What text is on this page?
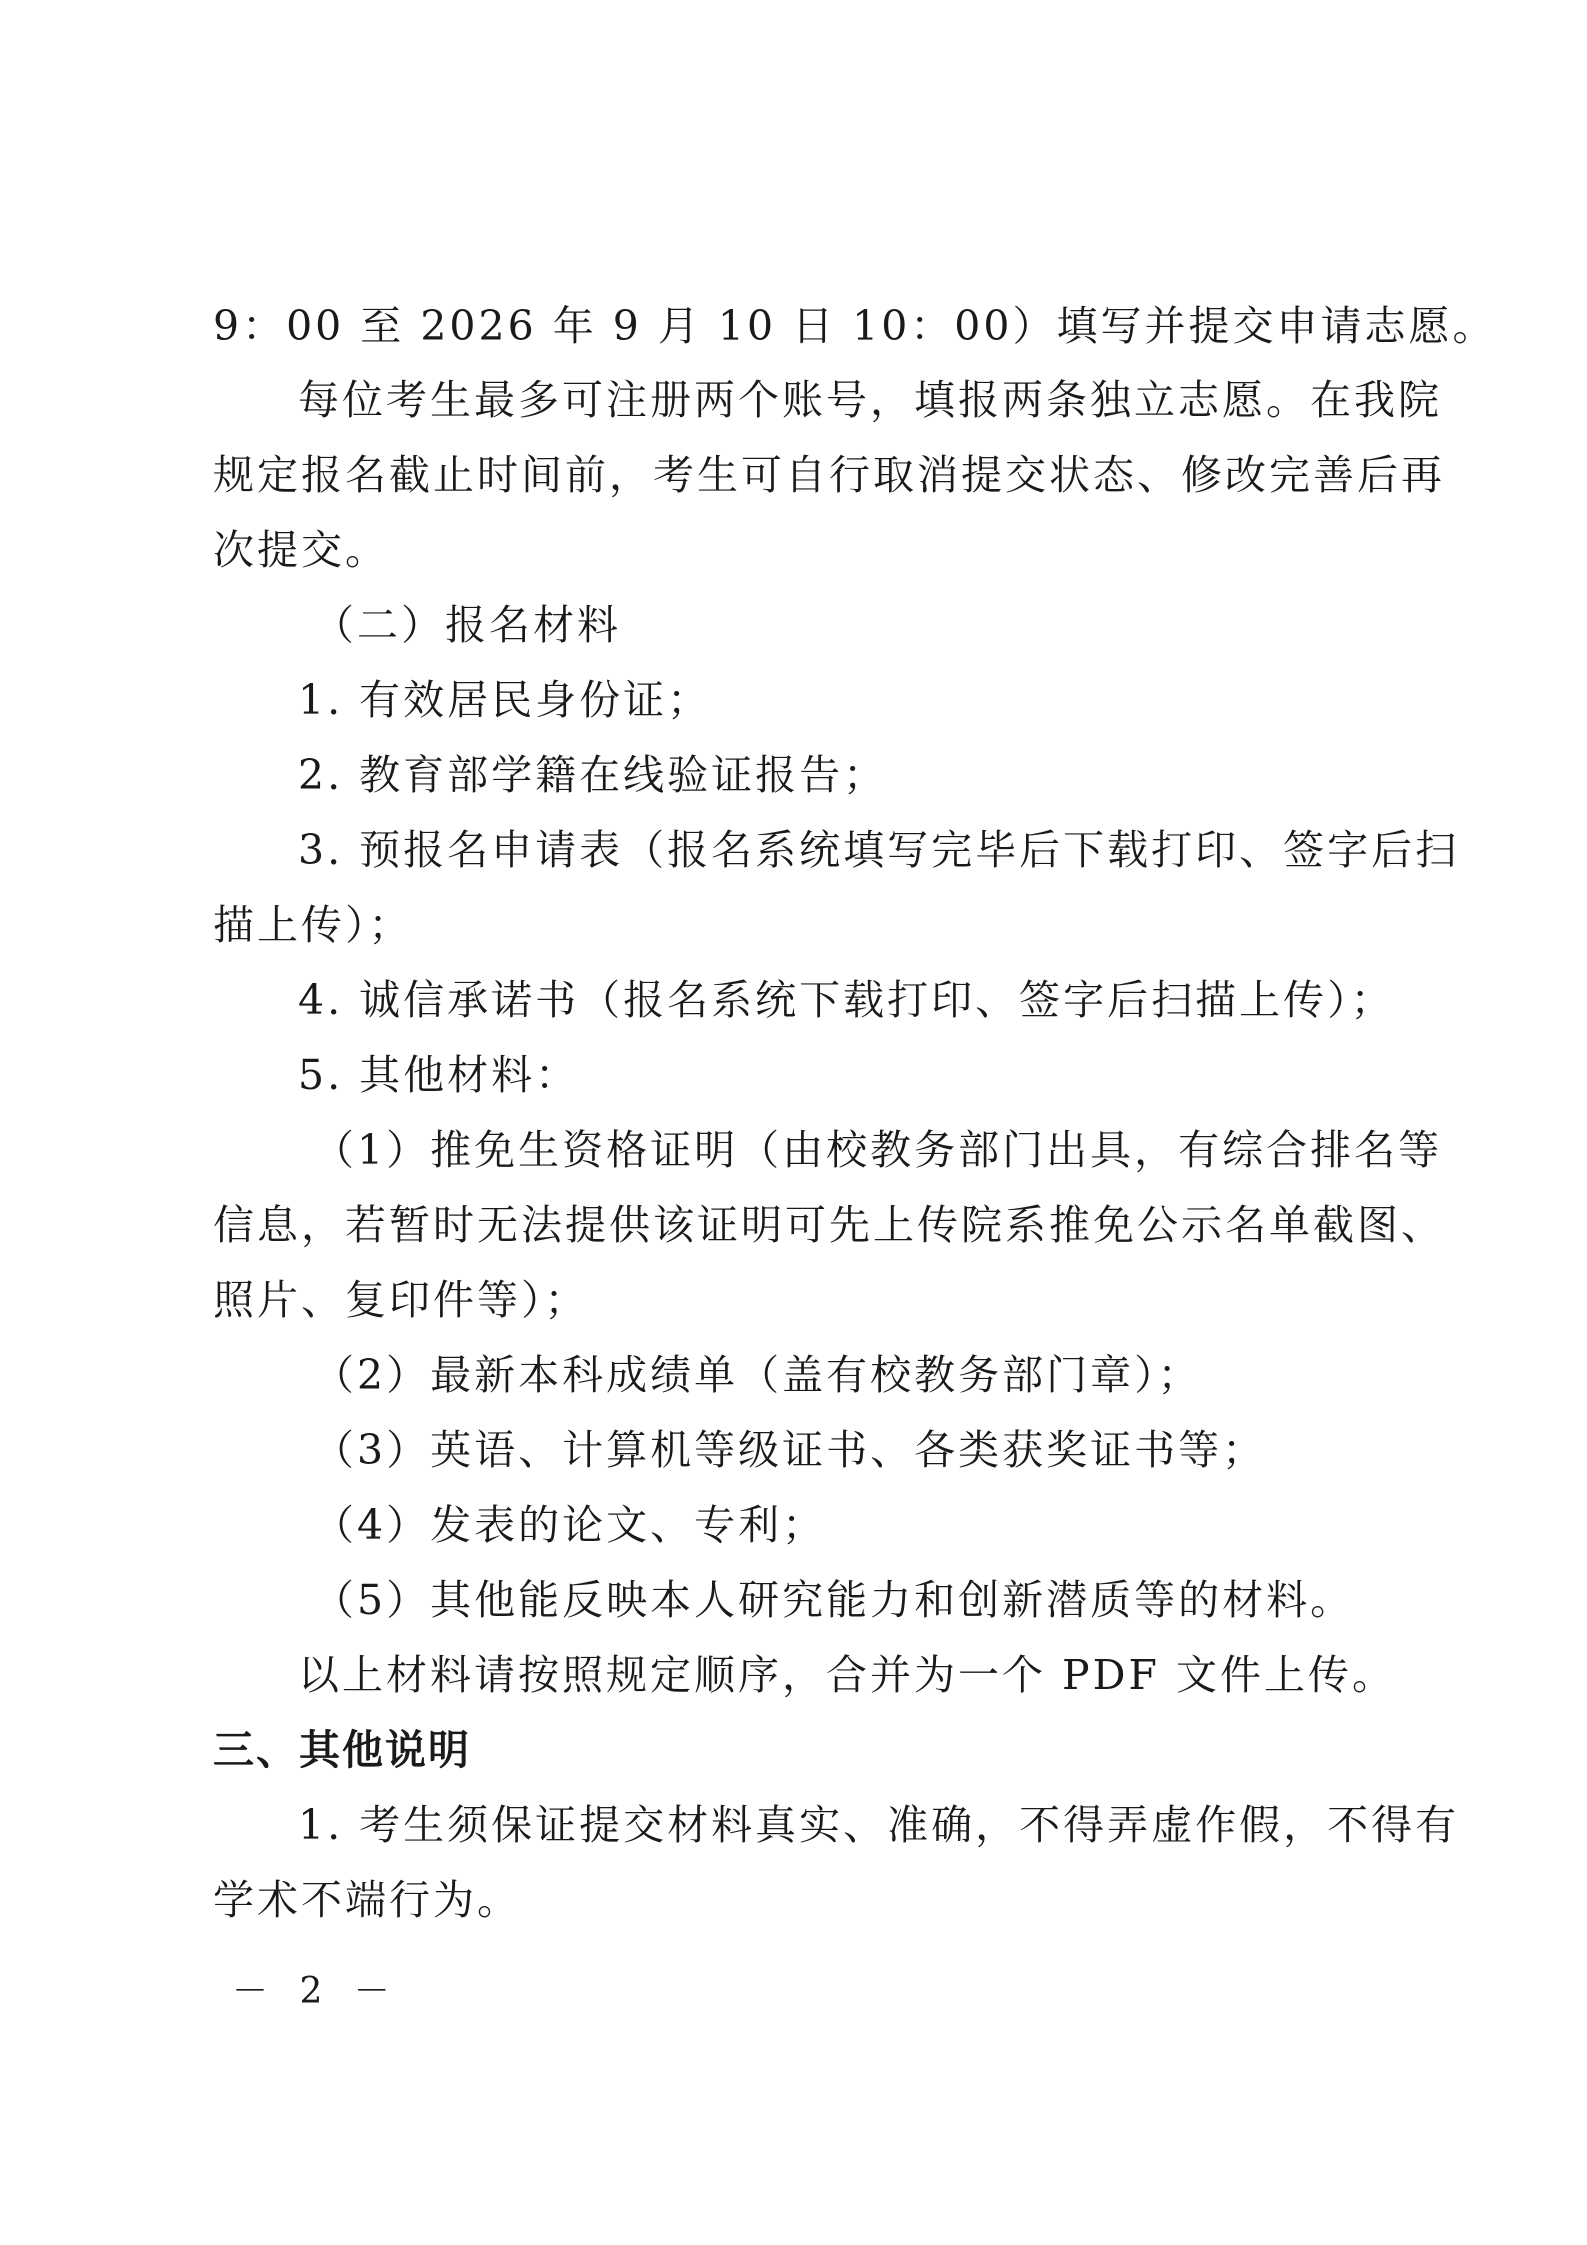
9：00 至 2026 年 9 月 10 日 10：00）填写并提交申请志愿。
每位考生最多可注册两个账号，填报两条独立志愿。在我院
规定报名截止时间前，考生可自行取消提交状态、修改完善后再
次提交。
（二）报名材料
1. 有效居民身份证；
2. 教育部学籍在线验证报告；
3. 预报名申请表（报名系统填写完毕后下载打印、签字后扫
描上传）；
4. 诚信承诺书（报名系统下载打印、签字后扫描上传）；
5. 其他材料：
（1）推免生资格证明（由校教务部门出具，有综合排名等
信息，若暂时无法提供该证明可先上传院系推免公示名单截图、
照片、复印件等）；
（2）最新本科成绩单（盖有校教务部门章）；
（3）英语、计算机等级证书、各类获奖证书等；
（4）发表的论文、专利；
（5）其他能反映本人研究能力和创新潜质等的材料。
以上材料请按照规定顺序，合并为一个 PDF 文件上传。
三、其他说明
1. 考生须保证提交材料真实、准确，不得弄虚作假，不得有
学术不端行为。
－ 2 －
